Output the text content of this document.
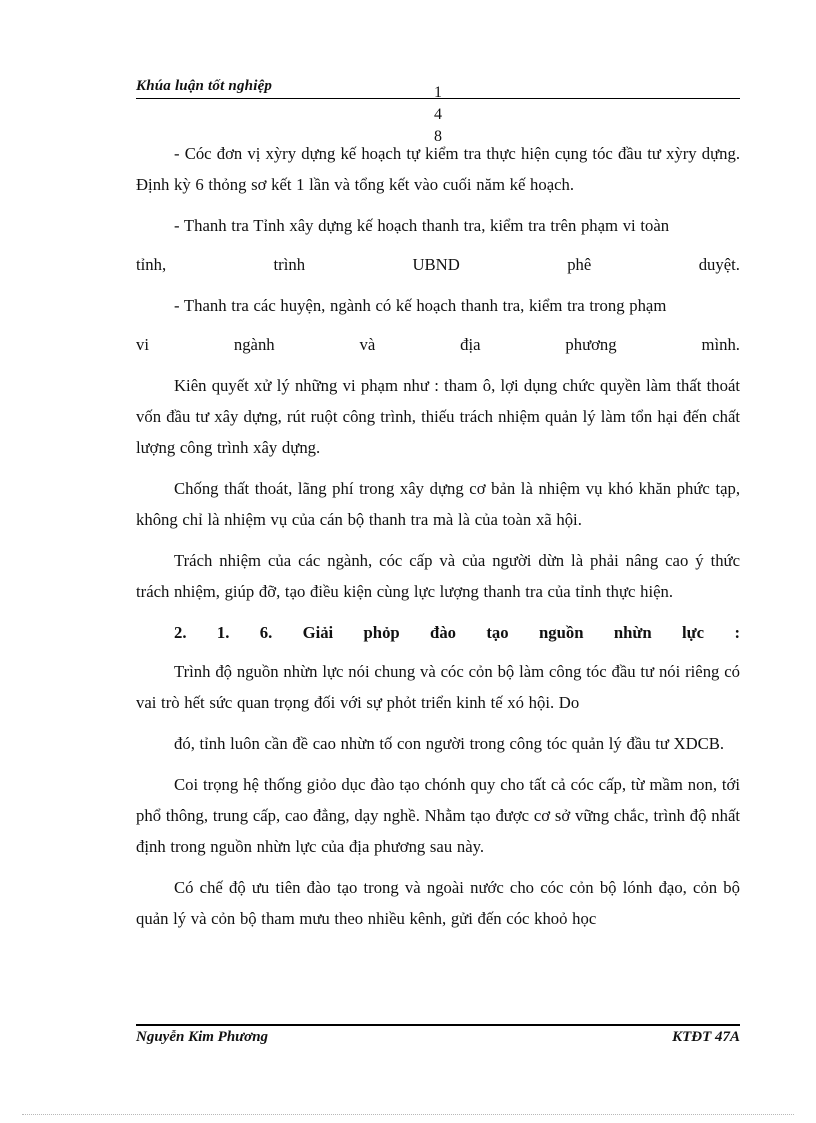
Khúa luận tốt nghiệp	1
4
8

- Cóc đơn vị xỳry dựng kế hoạch tự kiểm tra thực hiện cụng tóc đầu tư xỳry dựng. Định kỳ 6 thỏng sơ kết 1 lần và tổng kết vào cuối năm kế hoạch.

- Thanh tra Tỉnh xây dựng kế hoạch thanh tra, kiểm tra trên phạm vi toàn

tỉnh,	trình	UBND	phê	duyệt.

- Thanh tra các huyện, ngành có kế hoạch thanh tra, kiểm tra trong phạm

vi	ngành	và	địa	phương	mình.

Kiên quyết xử lý những vi phạm như : tham ô, lợi dụng chức quyền làm thất thoát vốn đầu tư xây dựng, rút ruột công trình, thiếu trách nhiệm quản lý làm tổn hại đến chất lượng công trình xây dựng.

Chống thất thoát, lãng phí trong xây dựng cơ bản là nhiệm vụ khó khăn phức tạp, không chỉ là nhiệm vụ của cán bộ thanh tra mà là của toàn xã hội.

Trách nhiệm của các ngành, cóc cấp và của người dừn là phải nâng cao ý thức trách nhiệm, giúp đỡ, tạo điều kiện cùng lực lượng thanh tra của tỉnh thực hiện.

2. 1. 6. Giải phỏp đào tạo nguồn nhừn lực :

Trình độ nguồn nhừn lực nói chung và cóc cỏn bộ làm công tóc đầu tư nói riêng có vai trò hết sức quan trọng đối với sự phỏt triển kinh tế xó hội. Do

đó, tỉnh luôn cần đề cao nhừn tố con người trong công tóc quản lý đầu tư XDCB.

Coi trọng hệ thống giỏo dục đào tạo chónh quy cho tất cả cóc cấp, từ mầm non, tới phổ thông, trung cấp, cao đẳng, dạy nghề. Nhằm tạo được cơ sở vững chắc, trình độ nhất định trong nguồn nhừn lực của địa phương sau này.

Có chế độ ưu tiên đào tạo trong và ngoài nước cho cóc cỏn bộ lónh đạo, cỏn bộ quản lý và cỏn bộ tham mưu theo nhiều kênh, gửi đến cóc khoỏ học

Nguyễn Kim Phương	KTĐT 47A
